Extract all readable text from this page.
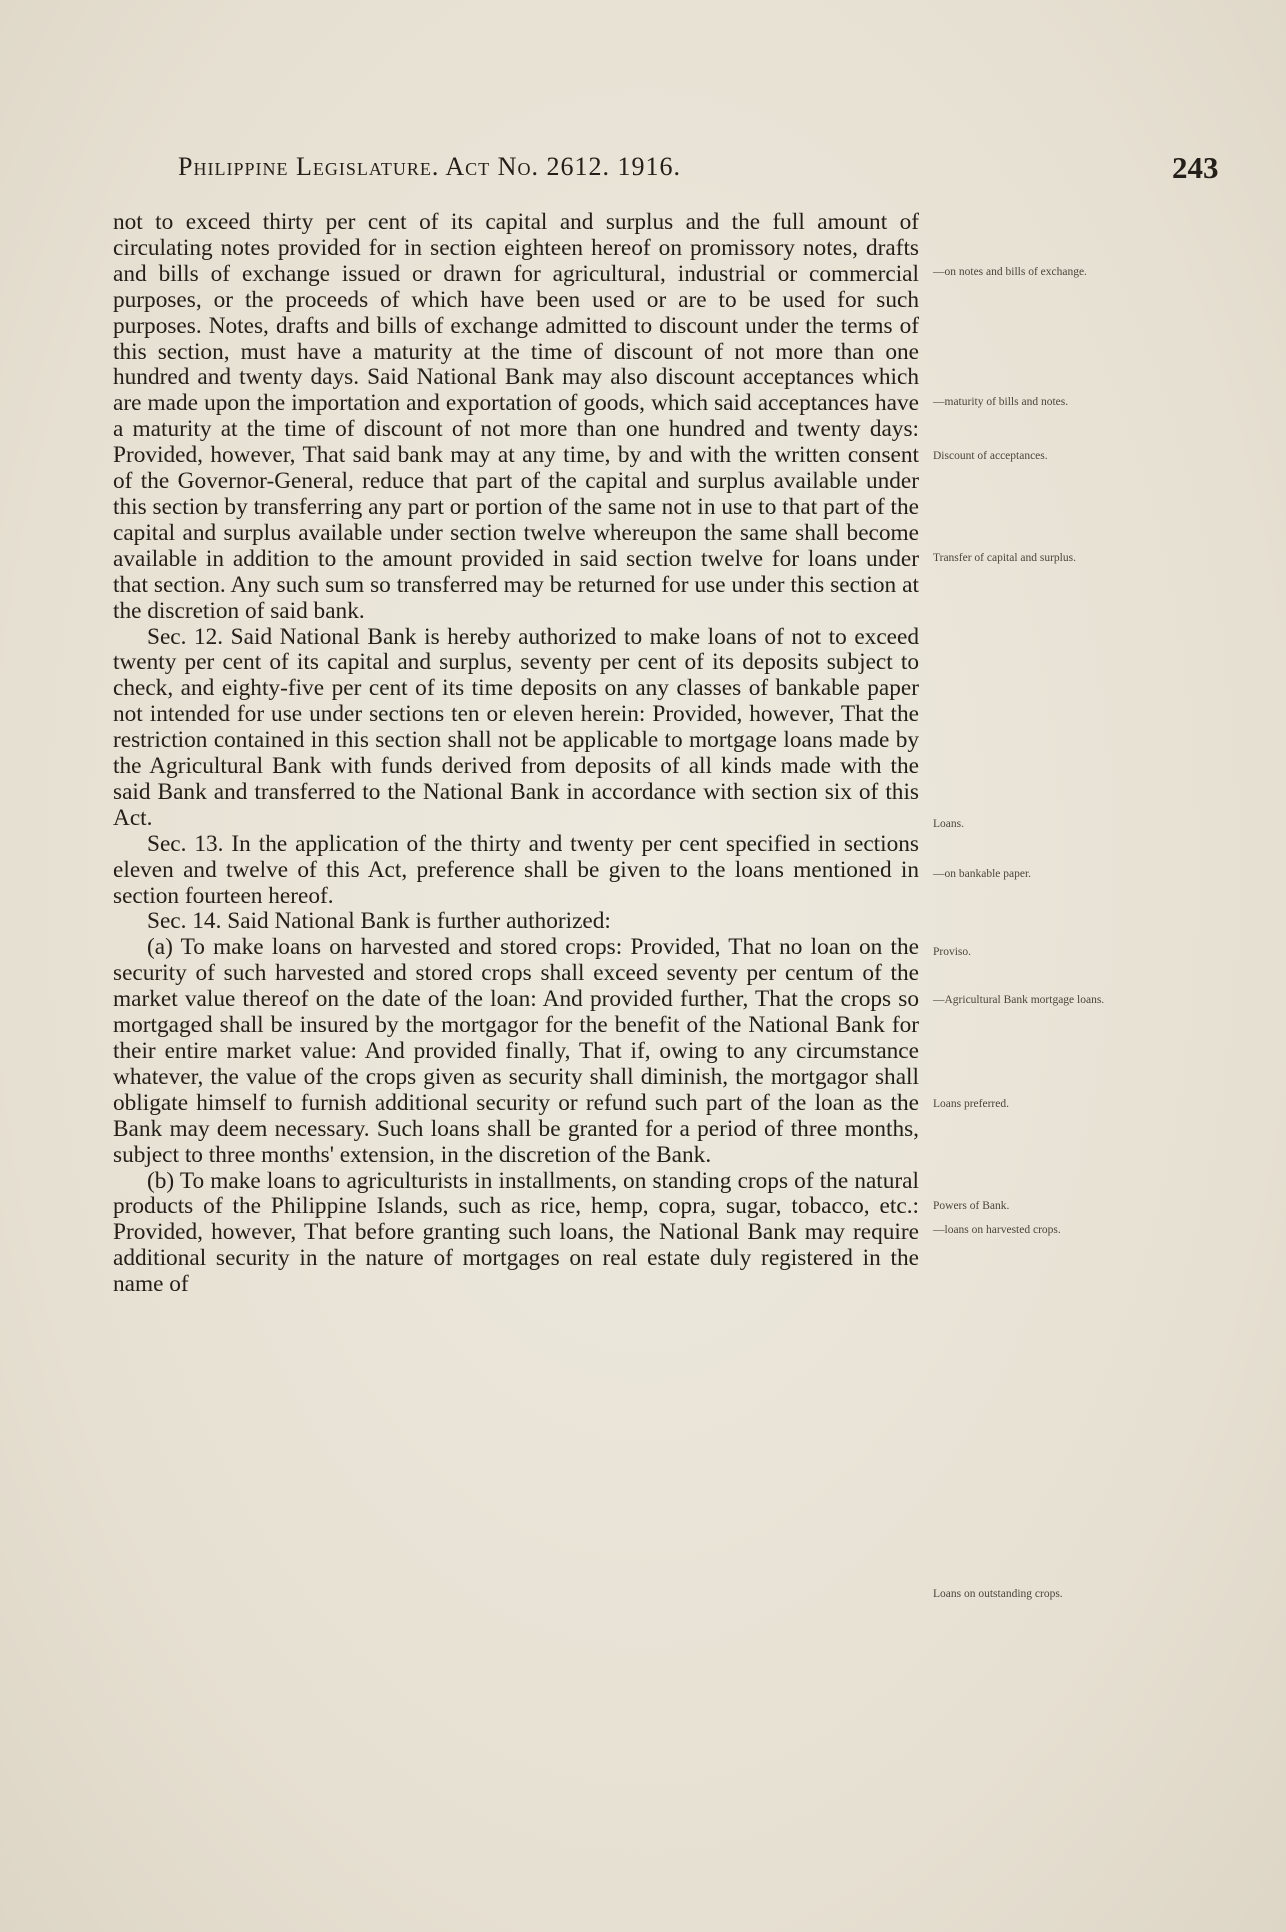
Philippine Legislature. Act No. 2612. 1916.	243

not to exceed thirty per cent of its capital and surplus and the full amount of circulating notes provided for in section eighteen hereof on promissory notes, drafts and bills of exchange issued or drawn for agricultural, industrial or commercial purposes, or the proceeds of which have been used or are to be used for such purposes. Notes, drafts and bills of exchange admitted to discount under the terms of this section, must have a maturity at the time of discount of not more than one hundred and twenty days. Said National Bank may also discount acceptances which are made upon the importation and exportation of goods, which said acceptances have a maturity at the time of discount of not more than one hundred and twenty days: Provided, however, That said bank may at any time, by and with the written consent of the Governor-General, reduce that part of the capital and surplus available under this section by transferring any part or portion of the same not in use to that part of the capital and surplus available under section twelve whereupon the same shall become available in addition to the amount provided in said section twelve for loans under that section. Any such sum so transferred may be returned for use under this section at the discretion of said bank.

Sec. 12. Said National Bank is hereby authorized to make loans of not to exceed twenty per cent of its capital and surplus, seventy per cent of its deposits subject to check, and eighty-five per cent of its time deposits on any classes of bankable paper not intended for use under sections ten or eleven herein: Provided, however, That the restriction contained in this section shall not be applicable to mortgage loans made by the Agricultural Bank with funds derived from deposits of all kinds made with the said Bank and transferred to the National Bank in accordance with section six of this Act.

Sec. 13. In the application of the thirty and twenty per cent specified in sections eleven and twelve of this Act, preference shall be given to the loans mentioned in section fourteen hereof.

Sec. 14. Said National Bank is further authorized:

(a) To make loans on harvested and stored crops: Provided, That no loan on the security of such harvested and stored crops shall exceed seventy per centum of the market value thereof on the date of the loan: And provided further, That the crops so mortgaged shall be insured by the mortgagor for the benefit of the National Bank for their entire market value: And provided finally, That if, owing to any circumstance whatever, the value of the crops given as security shall diminish, the mortgagor shall obligate himself to furnish additional security or refund such part of the loan as the Bank may deem necessary. Such loans shall be granted for a period of three months, subject to three months' extension, in the discretion of the Bank.

(b) To make loans to agriculturists in installments, on standing crops of the natural products of the Philippine Islands, such as rice, hemp, copra, sugar, tobacco, etc.: Provided, however, That before granting such loans, the National Bank may require additional security in the nature of mortgages on real estate duly registered in the name of

—on notes and bills of exchange.
—maturity of bills and notes.
Discount of acceptances.
Transfer of capital and surplus.
Loans.
—on bankable paper.
Proviso.
—Agricultural Bank mortgage loans.
Loans preferred.
Powers of Bank.
—loans on harvested crops.
Loans on outstanding crops.
